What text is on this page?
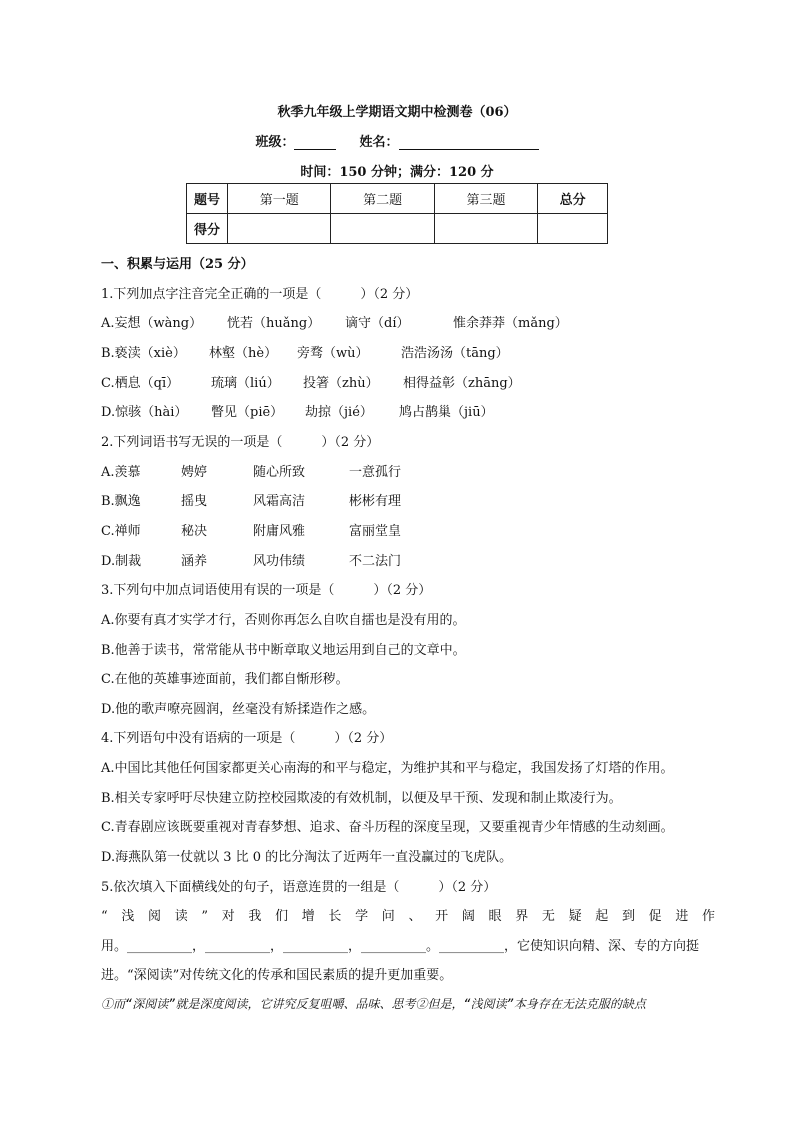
秋季九年级上学期语文期中检测卷（06）
班级：	姓名：
时间：150 分钟；满分：120 分
题号	第一题	第二题	第三题	总分
得分				
一、积累与运用（25 分）
1.下列加点字注音完全正确的一项是（　　　）（2 分）
A.妄想（wàng） 恍若（huǎng） 谪守（dí）	惟余莽莽（mǎng）
B.亵渎（xiè） 林壑（hè） 旁骛（wù） 浩浩汤汤（tāng）
C.栖息（qī） 琉璃（liú） 投箸（zhù） 相得益彰（zhāng）
D.惊骇（hài） 瞥见（piē） 劫掠（jié） 鸠占鹊巢（jiū）
2.下列词语书写无误的一项是（　　　）（2 分）
A.羡慕	娉婷	随心所致	一意孤行
B.飘逸	摇曳	风霜高洁	彬彬有理
C.禅师	秘决	附庸风雅	富丽堂皇
D.制裁	涵养	风功伟绩	不二法门
3.下列句中加点词语使用有误的一项是（　　　）（2 分）
A.你要有真才实学才行，否则你再怎么自吹自擂也是没有用的。
B.他善于读书，常常能从书中断章取义地运用到自己的文章中。
C.在他的英雄事迹面前，我们都自惭形秽。
D.他的歌声嘹亮圆润，丝毫没有矫揉造作之感。
4.下列语句中没有语病的一项是（　　　）（2 分）
A.中国比其他任何国家都更关心南海的和平与稳定，为维护其和平与稳定，我国发扬了灯塔的作用。
B.相关专家呼吁尽快建立防控校园欺凌的有效机制，以便及早干预、发现和制止欺凌行为。
C.青春剧应该既要重视对青春梦想、追求、奋斗历程的深度呈现，又要重视青少年情感的生动刻画。
D.海燕队第一仗就以 3 比 0 的比分淘汰了近两年一直没赢过的飞虎队。
5.依次填入下面横线处的句子，语意连贯的一组是（　　　）（2 分）
“浅阅读”对我们增长学问、开阔眼界无疑起到促进作
用。__________，__________，__________，__________。__________，它使知识向精、深、专的方向挺
进。“深阅读”对传统文化的传承和国民素质的提升更加重要。
①而“深阅读”就是深度阅读，它讲究反复咀嚼、品味、思考②但是，“浅阅读”本身存在无法克服的缺点
